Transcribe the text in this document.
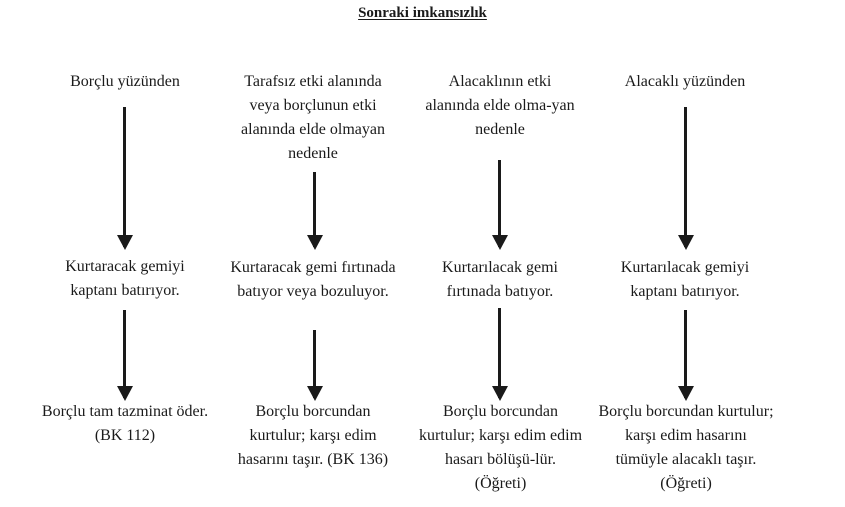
Sonraki imkansızlık
Borçlu yüzünden
Kurtaracak gemiyi kaptanı batırıyor.
Borçlu tam tazminat öder. (BK 112)
Tarafsız etki alanında veya borçlunun etki alanında elde olmayan nedenle
Kurtaracak gemi fırtınada batıyor veya bozuluyor.
Borçlu borcundan kurtulur; karşı edim hasarını taşır. (BK 136)
Alacaklının etki alanında elde olma-yan nedenle
Kurtarılacak gemi fırtınada batıyor.
Borçlu borcundan kurtulur; karşı edim edim hasarı bölüşü-lür. (Öğreti)
Alacaklı yüzünden
Kurtarılacak gemiyi kaptanı batırıyor.
Borçlu borcundan kurtulur; karşı edim hasarını tümüyle alacaklı taşır. (Öğreti)
